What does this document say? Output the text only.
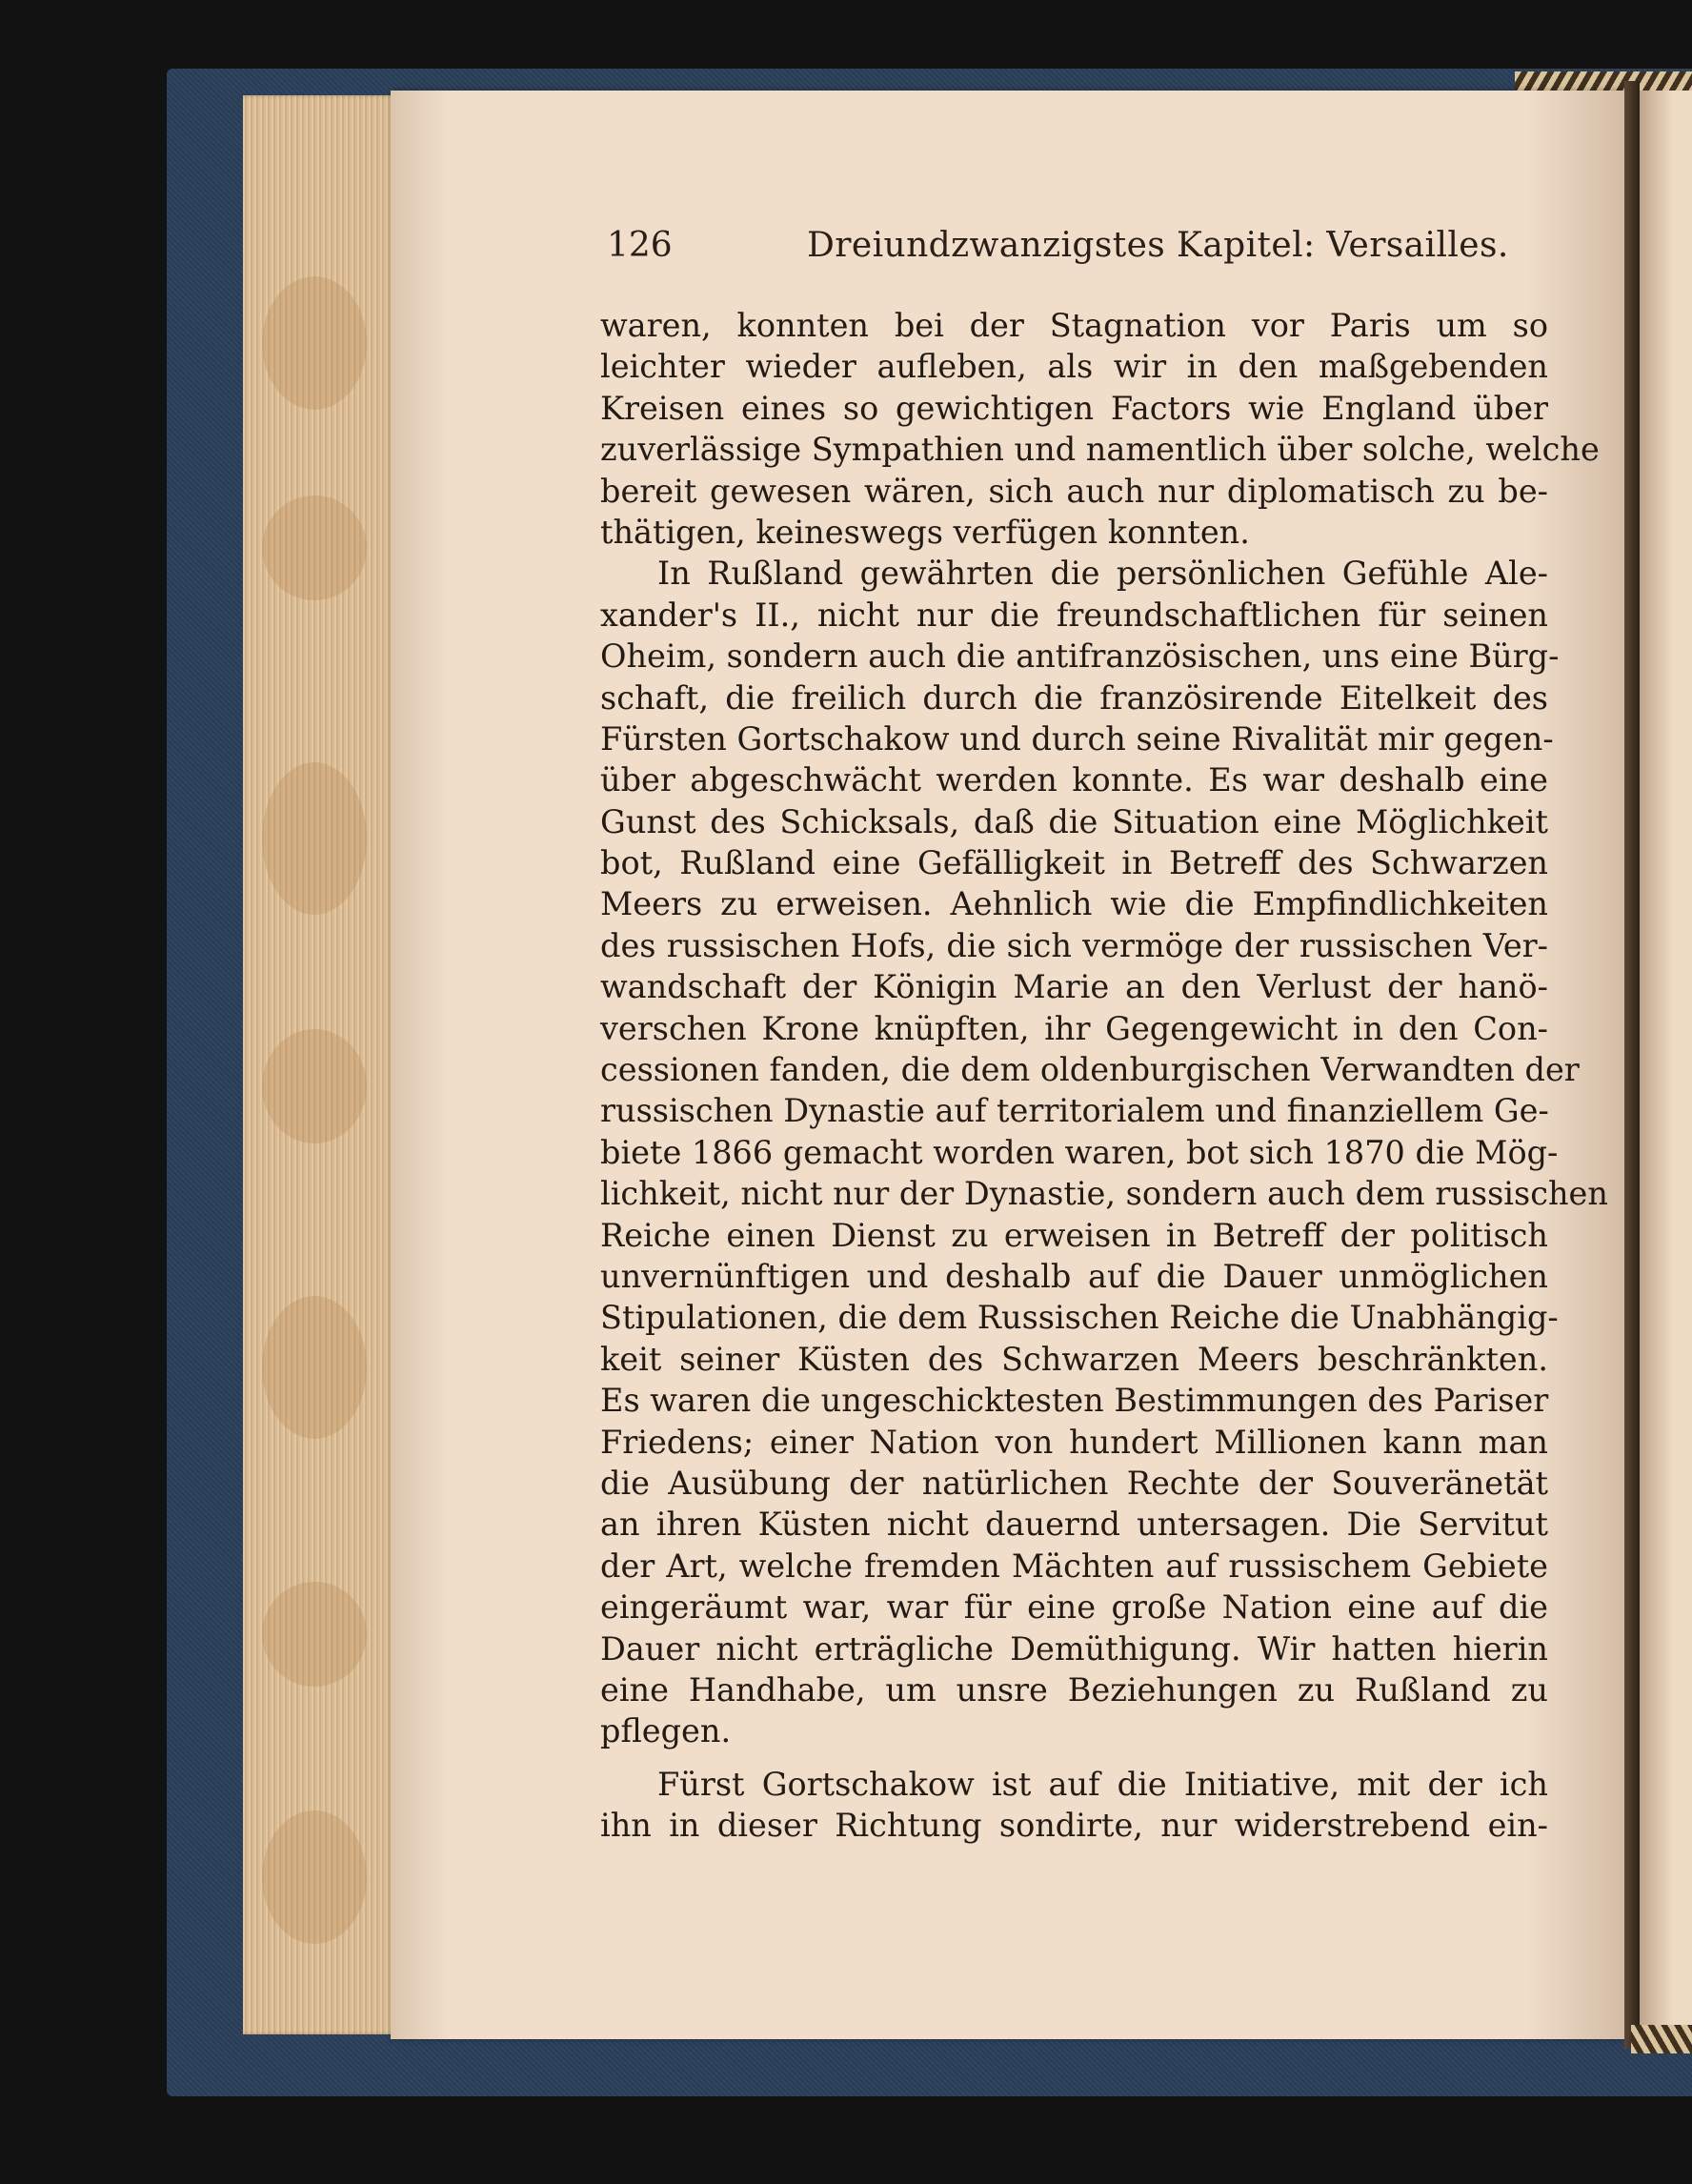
126	Dreiundzwanzigstes Kapitel: Versailles.
waren, konnten bei der Stagnation vor Paris um so
leichter wieder aufleben, als wir in den maßgebenden
Kreisen eines so gewichtigen Factors wie England über
zuverlässige Sympathien und namentlich über solche, welche
bereit gewesen wären, sich auch nur diplomatisch zu be-
thätigen, keineswegs verfügen konnten.
In Rußland gewährten die persönlichen Gefühle Ale-
xander's II., nicht nur die freundschaftlichen für seinen
Oheim, sondern auch die antifranzösischen, uns eine Bürg-
schaft, die freilich durch die französirende Eitelkeit des
Fürsten Gortschakow und durch seine Rivalität mir gegen-
über abgeschwächt werden konnte. Es war deshalb eine
Gunst des Schicksals, daß die Situation eine Möglichkeit
bot, Rußland eine Gefälligkeit in Betreff des Schwarzen
Meers zu erweisen. Aehnlich wie die Empfindlichkeiten
des russischen Hofs, die sich vermöge der russischen Ver-
wandschaft der Königin Marie an den Verlust der hanö-
verschen Krone knüpften, ihr Gegengewicht in den Con-
cessionen fanden, die dem oldenburgischen Verwandten der
russischen Dynastie auf territorialem und finanziellem Ge-
biete 1866 gemacht worden waren, bot sich 1870 die Mög-
lichkeit, nicht nur der Dynastie, sondern auch dem russischen
Reiche einen Dienst zu erweisen in Betreff der politisch
unvernünftigen und deshalb auf die Dauer unmöglichen
Stipulationen, die dem Russischen Reiche die Unabhängig-
keit seiner Küsten des Schwarzen Meers beschränkten.
Es waren die ungeschicktesten Bestimmungen des Pariser
Friedens; einer Nation von hundert Millionen kann man
die Ausübung der natürlichen Rechte der Souveränetät
an ihren Küsten nicht dauernd untersagen. Die Servitut
der Art, welche fremden Mächten auf russischem Gebiete
eingeräumt war, war für eine große Nation eine auf die
Dauer nicht erträgliche Demüthigung. Wir hatten hierin
eine Handhabe, um unsre Beziehungen zu Rußland zu
pflegen.
Fürst Gortschakow ist auf die Initiative, mit der ich
ihn in dieser Richtung sondirte, nur widerstrebend ein-
